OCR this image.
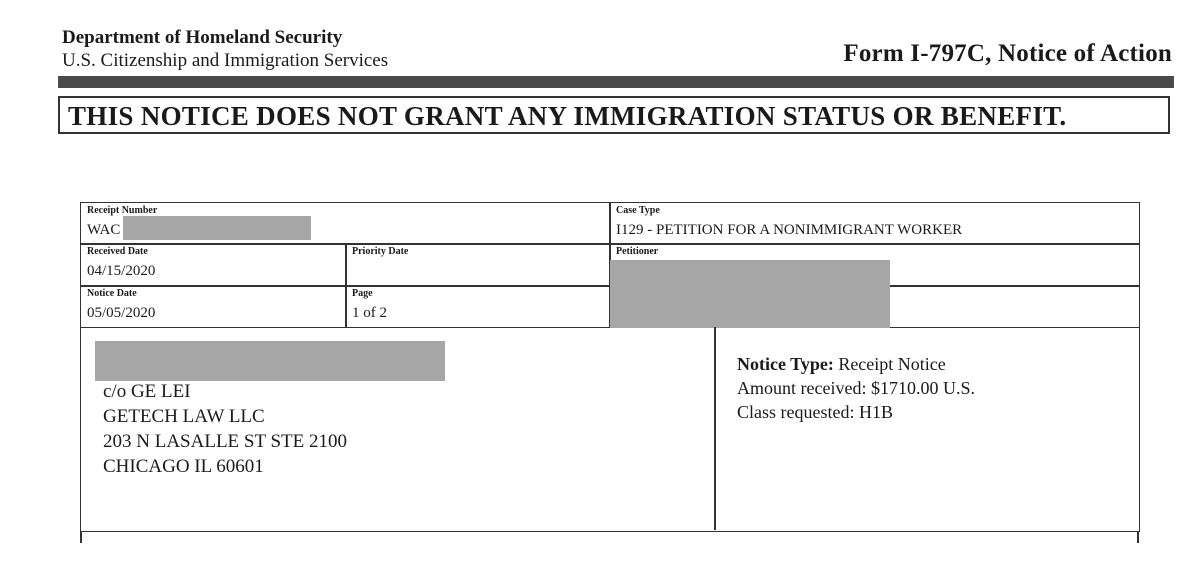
Department of Homeland Security
U.S. Citizenship and Immigration Services	Form I-797C, Notice of Action
THIS NOTICE DOES NOT GRANT ANY IMMIGRATION STATUS OR BENEFIT.
Receipt Number
WAC
Case Type
I129 - PETITION FOR A NONIMMIGRANT WORKER
Received Date
04/15/2020
Priority Date	Petitioner
Notice Date
05/05/2020
Page
1 of 2
c/o GE LEI
GETECH LAW LLC
203 N LASALLE ST STE 2100
CHICAGO IL 60601
Notice Type: Receipt Notice
Amount received: $1710.00 U.S.
Class requested: H1B
